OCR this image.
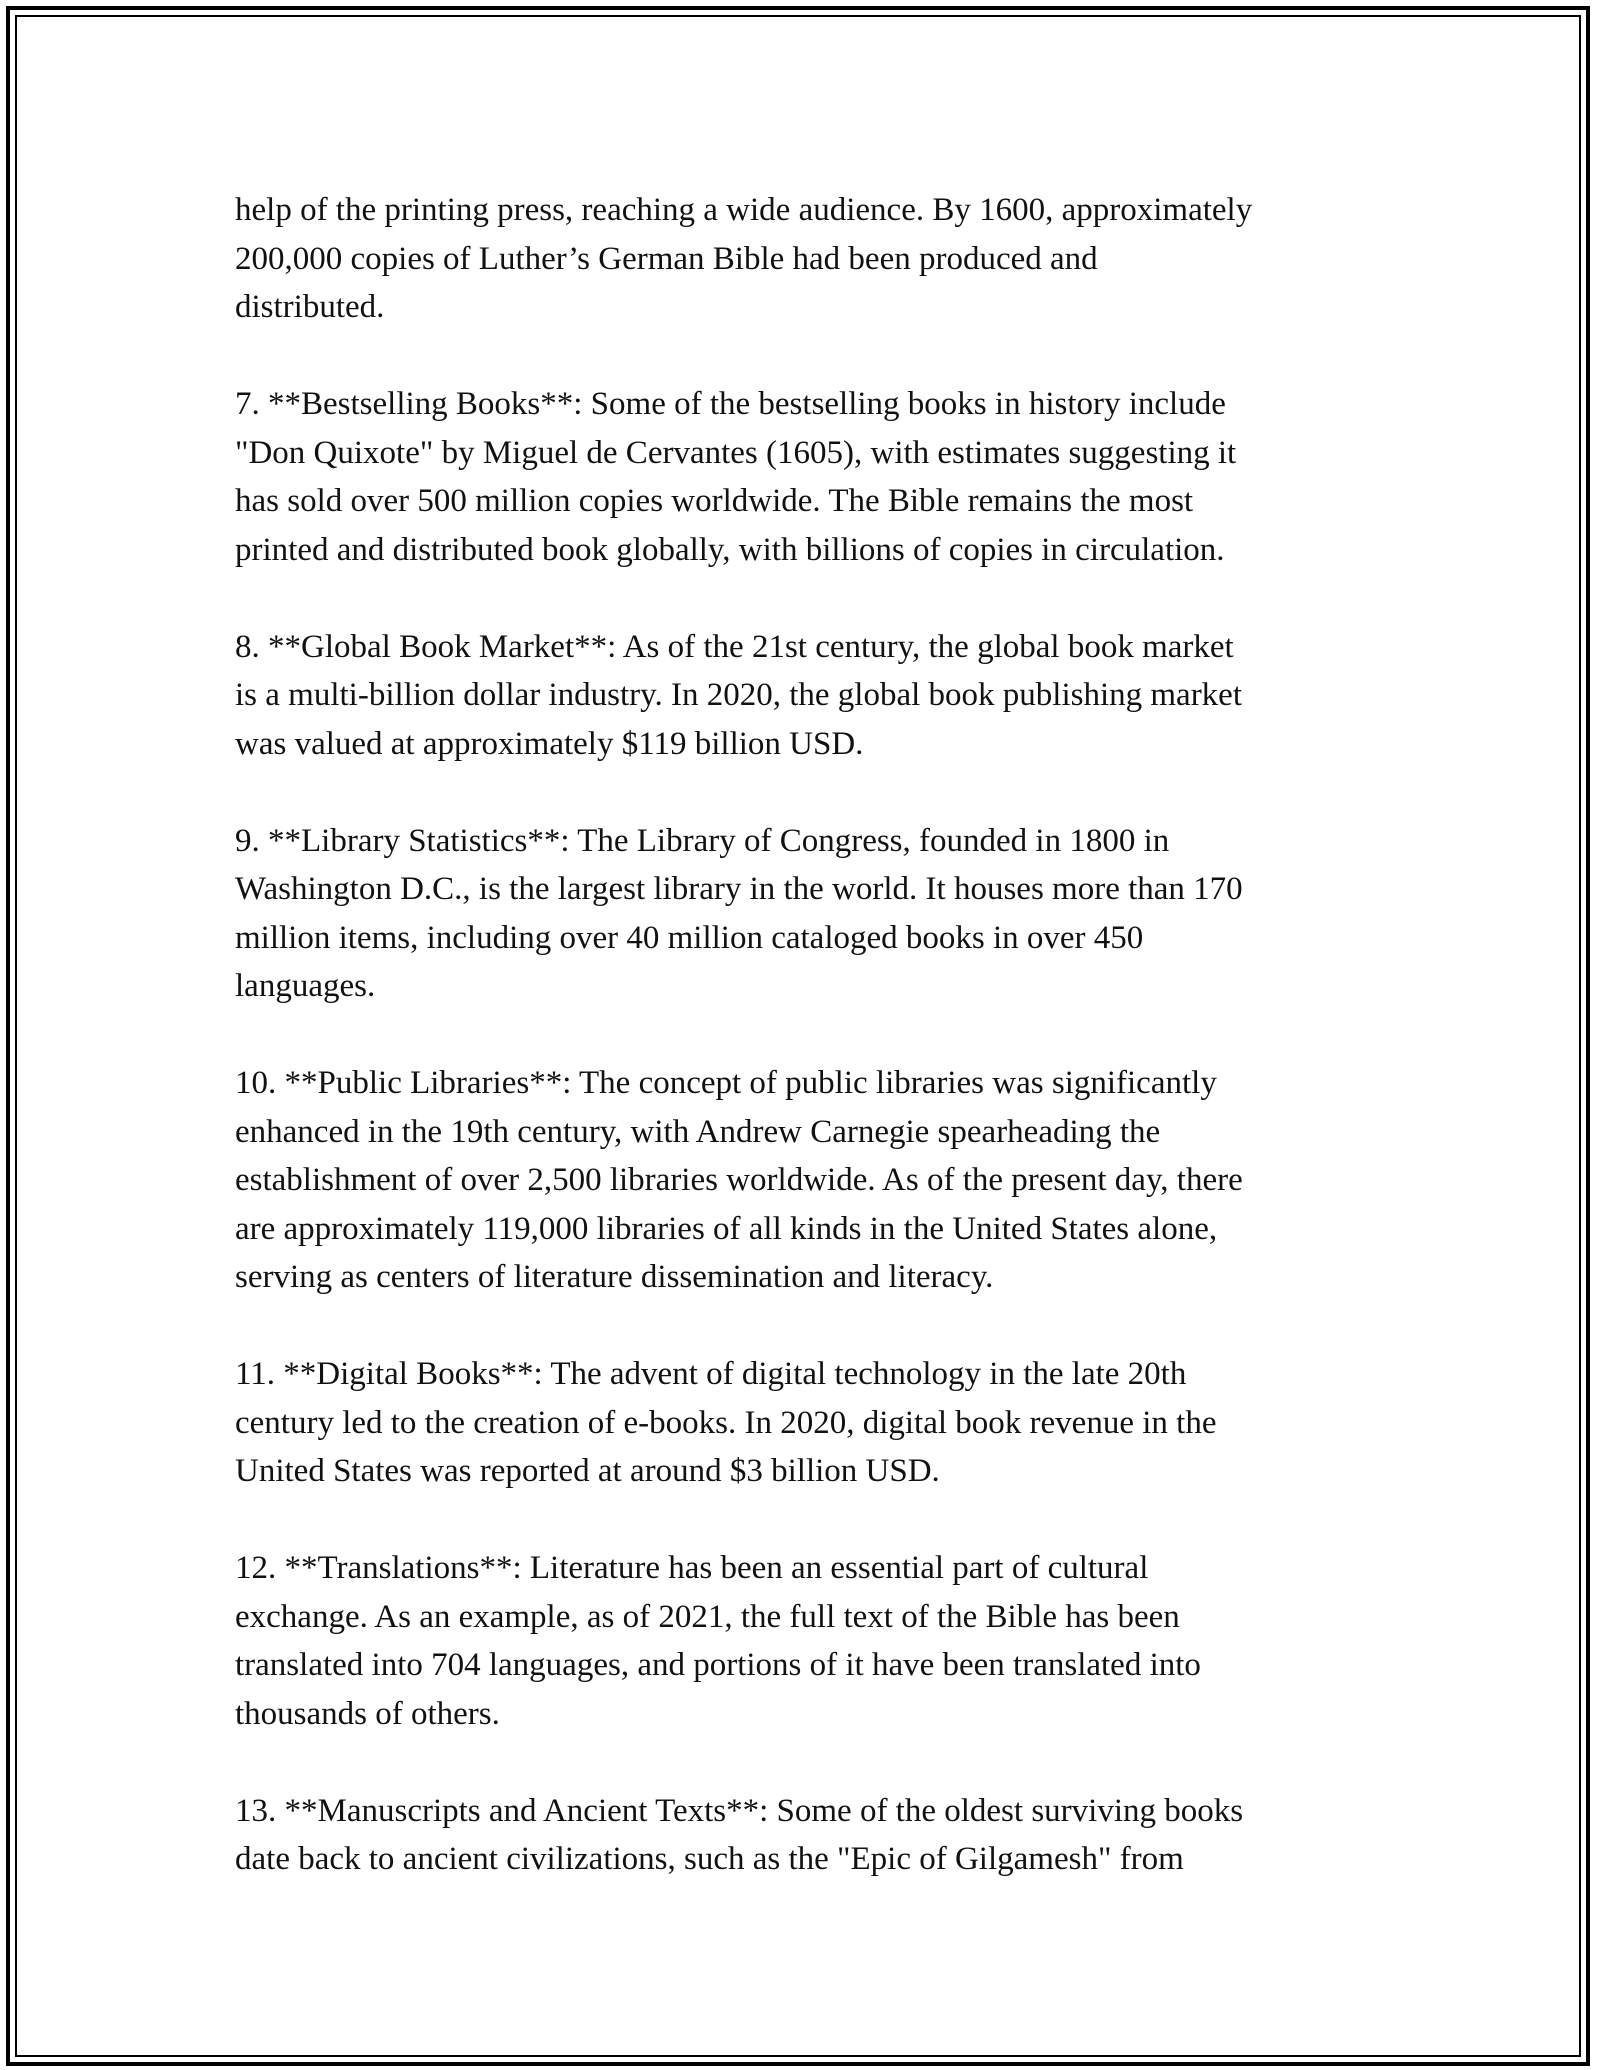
help of the printing press, reaching a wide audience. By 1600, approximately
200,000 copies of Luther’s German Bible had been produced and
distributed.

7. **Bestselling Books**: Some of the bestselling books in history include
"Don Quixote" by Miguel de Cervantes (1605), with estimates suggesting it
has sold over 500 million copies worldwide. The Bible remains the most
printed and distributed book globally, with billions of copies in circulation.

8. **Global Book Market**: As of the 21st century, the global book market
is a multi-billion dollar industry. In 2020, the global book publishing market
was valued at approximately $119 billion USD.

9. **Library Statistics**: The Library of Congress, founded in 1800 in
Washington D.C., is the largest library in the world. It houses more than 170
million items, including over 40 million cataloged books in over 450
languages.

10. **Public Libraries**: The concept of public libraries was significantly
enhanced in the 19th century, with Andrew Carnegie spearheading the
establishment of over 2,500 libraries worldwide. As of the present day, there
are approximately 119,000 libraries of all kinds in the United States alone,
serving as centers of literature dissemination and literacy.

11. **Digital Books**: The advent of digital technology in the late 20th
century led to the creation of e-books. In 2020, digital book revenue in the
United States was reported at around $3 billion USD.

12. **Translations**: Literature has been an essential part of cultural
exchange. As an example, as of 2021, the full text of the Bible has been
translated into 704 languages, and portions of it have been translated into
thousands of others.

13. **Manuscripts and Ancient Texts**: Some of the oldest surviving books
date back to ancient civilizations, such as the "Epic of Gilgamesh" from
